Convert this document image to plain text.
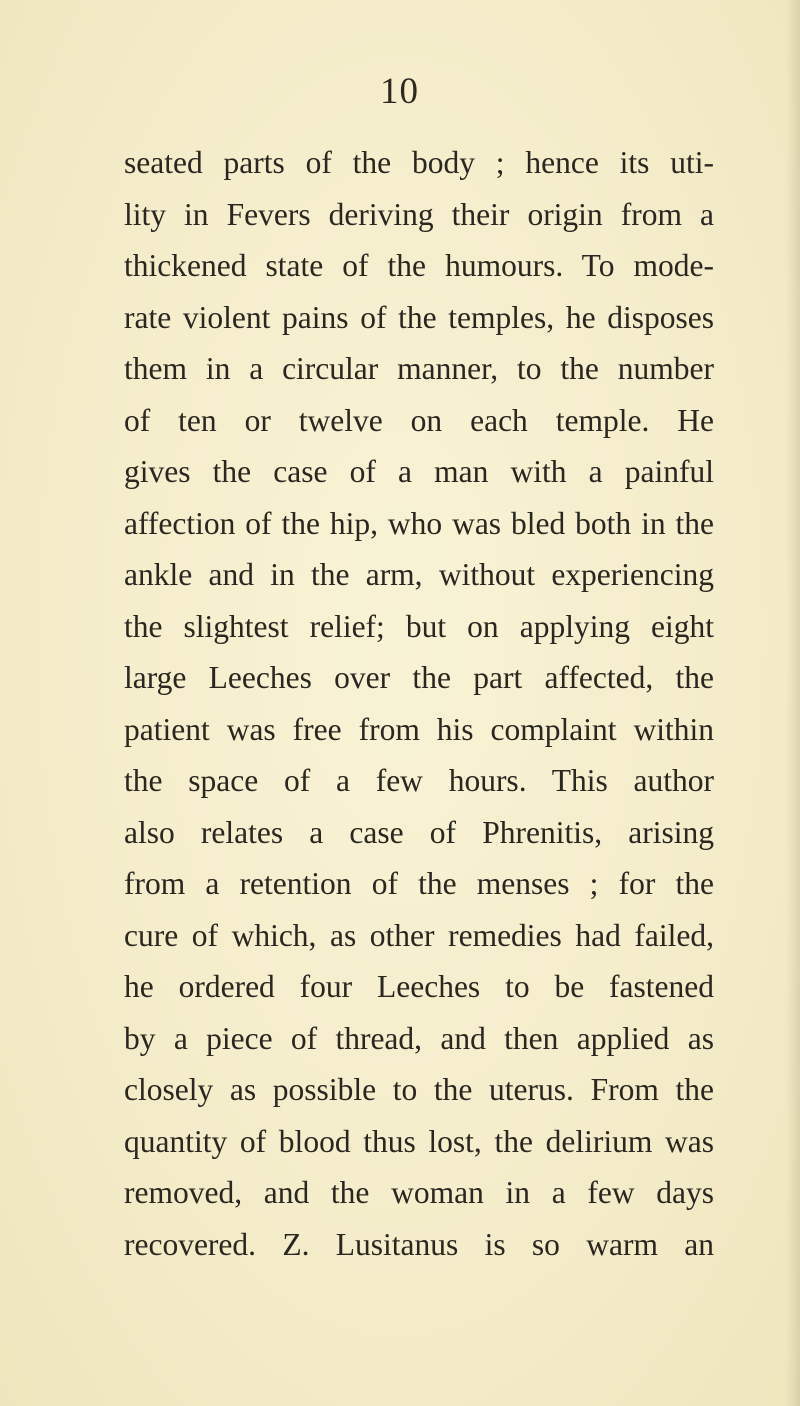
10
seated parts of the body ; hence its uti-
lity in Fevers deriving their origin from a
thickened state of the humours. To mode-
rate violent pains of the temples, he disposes
them in a circular manner, to the number
of ten or twelve on each temple. He
gives the case of a man with a painful
affection of the hip, who was bled both in the
ankle and in the arm, without experiencing
the slightest relief; but on applying eight
large Leeches over the part affected, the
patient was free from his complaint within
the space of a few hours. This author
also relates a case of Phrenitis, arising
from a retention of the menses ; for the
cure of which, as other remedies had failed,
he ordered four Leeches to be fastened
by a piece of thread, and then applied as
closely as possible to the uterus. From the
quantity of blood thus lost, the delirium was
removed, and the woman in a few days
recovered. Z. Lusitanus is so warm an
